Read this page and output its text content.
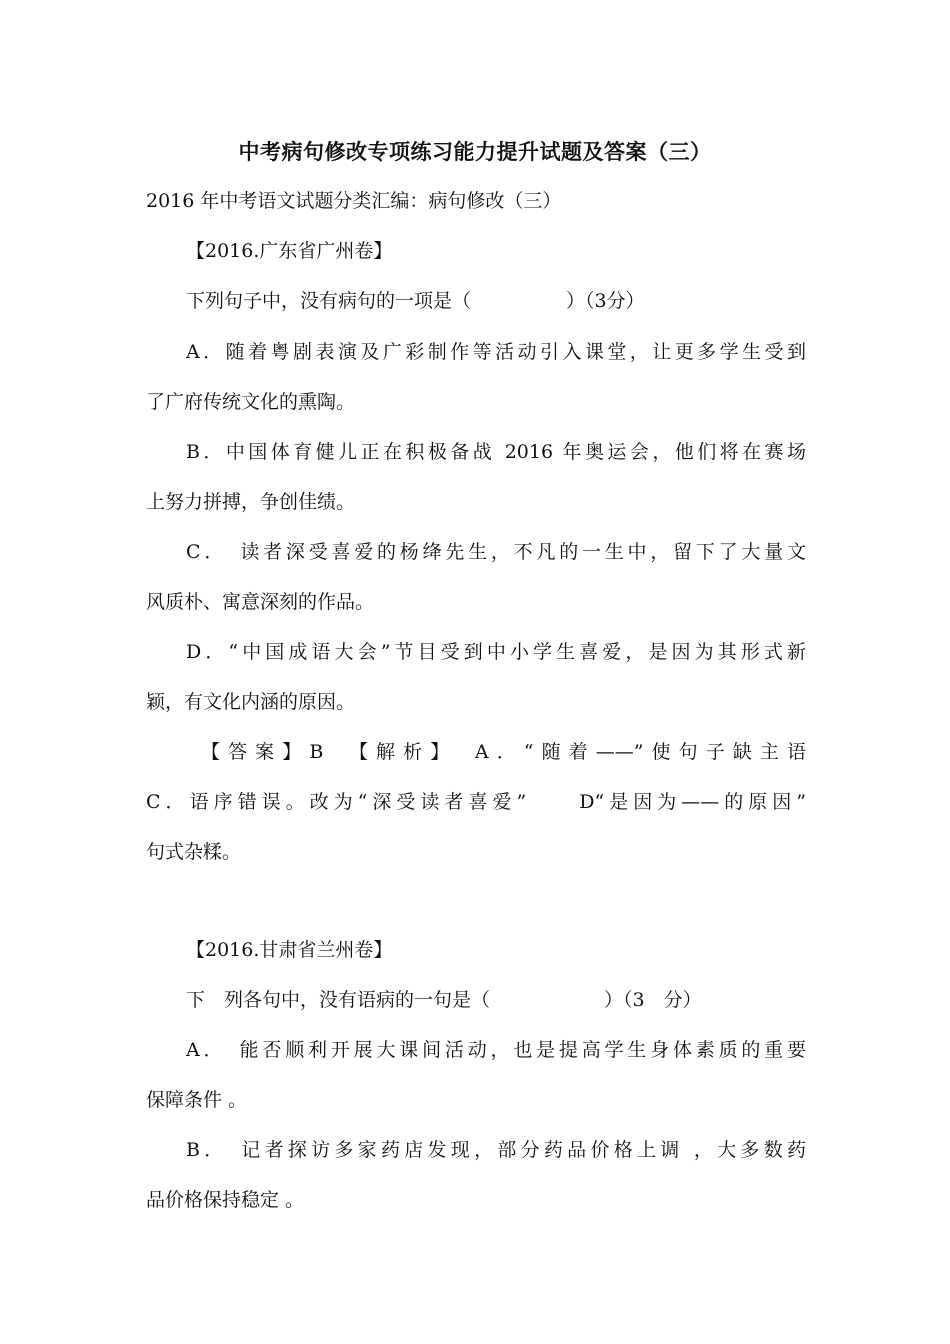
中考病句修改专项练习能力提升试题及答案（三）
2016 年中考语文试题分类汇编：病句修改（三）
【2016.广东省广州卷】
下列句子中，没有病句的一项是（　　　　　）（3分）
A．随着粤剧表演及广彩制作等活动引入课堂，让更多学生受到
了广府传统文化的熏陶。
B．中国体育健儿正在积极备战 2016 年奥运会，他们将在赛场
上努力拼搏，争创佳绩。
C．　读者深受喜爱的杨绛先生，不凡的一生中，留下了大量文
风质朴、寓意深刻的作品。
D．“中国成语大会”节目受到中小学生喜爱，是因为其形式新
颖，有文化内涵的原因。
【答案】B　【解析】　A．“随着——”使句子缺主语
C．语序错误。改为“深受读者喜爱”　　D“是因为——的原因”
句式杂糅。
【2016.甘肃省兰州卷】
下　列各句中，没有语病的一句是（　　　　　　）（3　分）
A．　能否顺利开展大课间活动，也是提高学生身体素质的重要
保障条件 。
B．　记者探访多家药店发现，部分药品价格上调 ，大多数药
品价格保持稳定 。
